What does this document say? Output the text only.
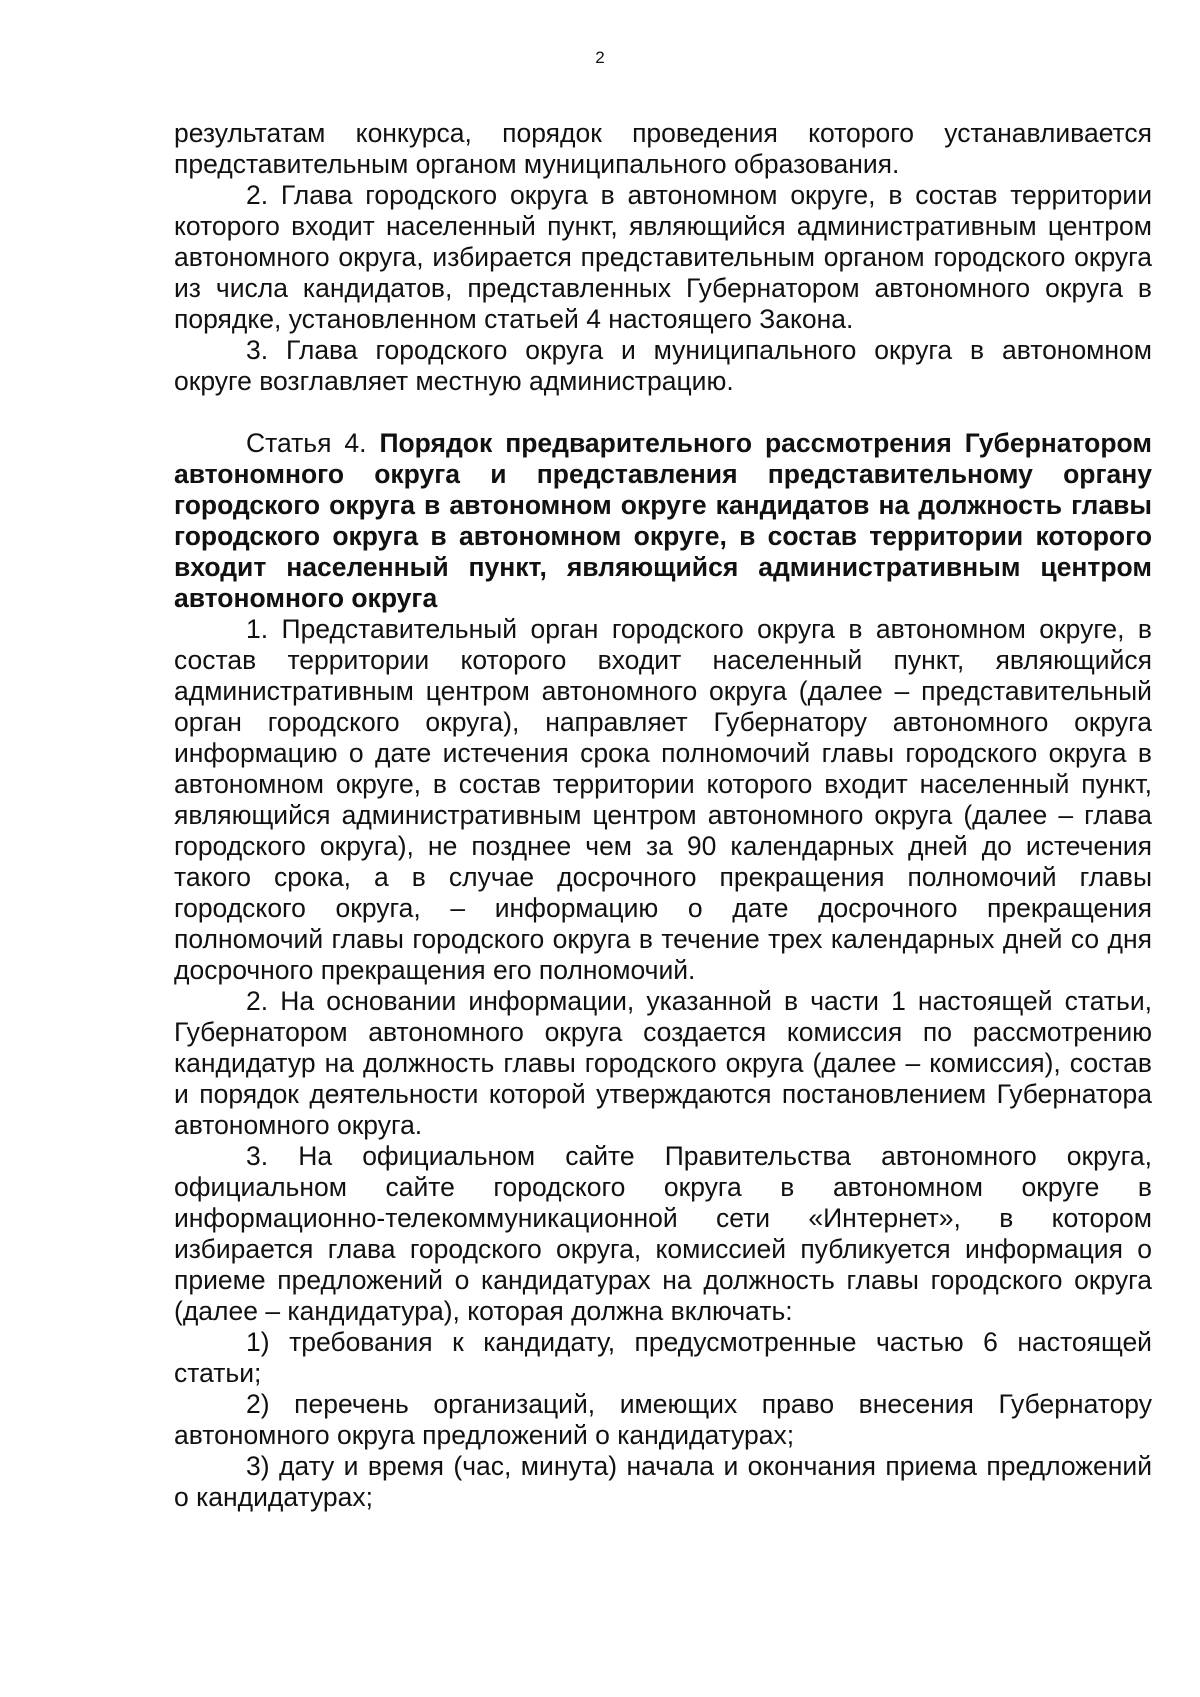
2

результатам конкурса, порядок проведения которого устанавливается представительным органом муниципального образования.

2. Глава городского округа в автономном округе, в состав территории которого входит населенный пункт, являющийся административным центром автономного округа, избирается представительным органом городского округа из числа кандидатов, представленных Губернатором автономного округа в порядке, установленном статьей 4 настоящего Закона.

3. Глава городского округа и муниципального округа в автономном округе возглавляет местную администрацию.

Статья 4. Порядок предварительного рассмотрения Губернатором автономного округа и представления представительному органу городского округа в автономном округе кандидатов на должность главы городского округа в автономном округе, в состав территории которого входит населенный пункт, являющийся административным центром автономного округа

1. Представительный орган городского округа в автономном округе, в состав территории которого входит населенный пункт, являющийся административным центром автономного округа (далее – представительный орган городского округа), направляет Губернатору автономного округа информацию о дате истечения срока полномочий главы городского округа в автономном округе, в состав территории которого входит населенный пункт, являющийся административным центром автономного округа (далее – глава городского округа), не позднее чем за 90 календарных дней до истечения такого срока, а в случае досрочного прекращения полномочий главы городского округа, – информацию о дате досрочного прекращения полномочий главы городского округа в течение трех календарных дней со дня досрочного прекращения его полномочий.

2. На основании информации, указанной в части 1 настоящей статьи, Губернатором автономного округа создается комиссия по рассмотрению кандидатур на должность главы городского округа (далее – комиссия), состав и порядок деятельности которой утверждаются постановлением Губернатора автономного округа.

3. На официальном сайте Правительства автономного округа, официальном сайте городского округа в автономном округе в информационно-телекоммуникационной сети «Интернет», в котором избирается глава городского округа, комиссией публикуется информация о приеме предложений о кандидатурах на должность главы городского округа (далее – кандидатура), которая должна включать:

1) требования к кандидату, предусмотренные частью 6 настоящей статьи;

2) перечень организаций, имеющих право внесения Губернатору автономного округа предложений о кандидатурах;

3) дату и время (час, минута) начала и окончания приема предложений о кандидатурах;
